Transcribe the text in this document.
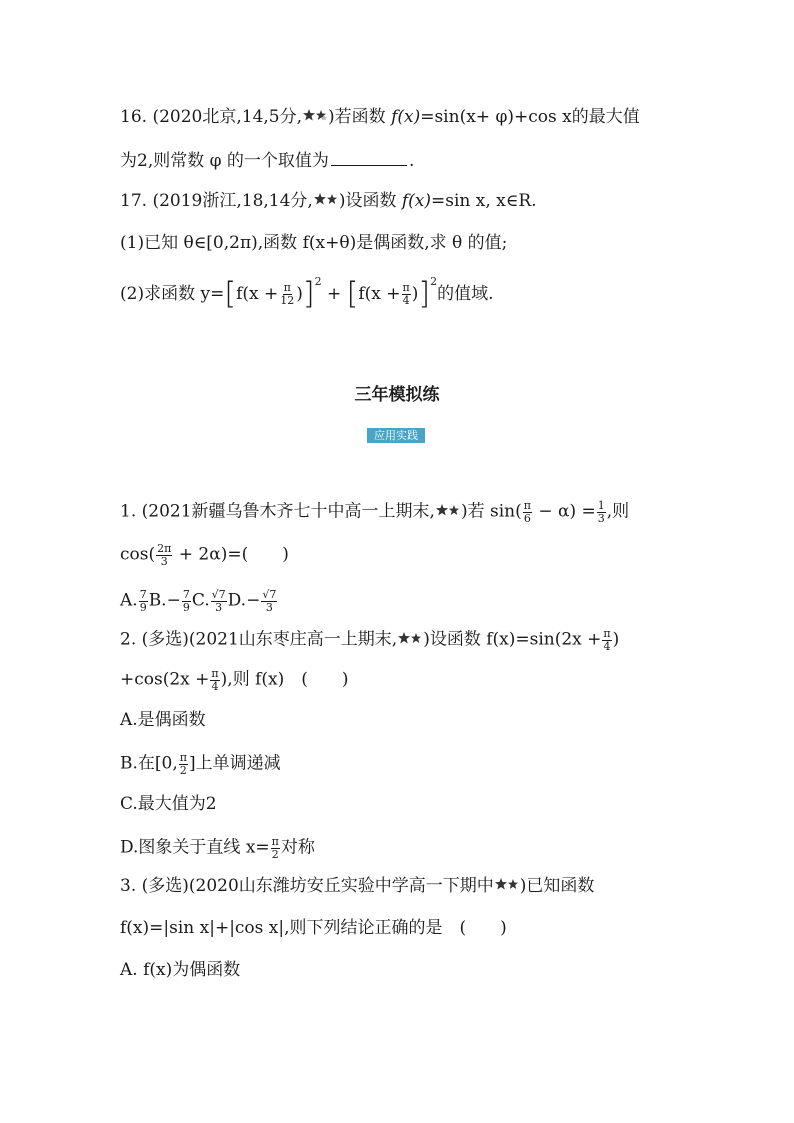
16. (2020北京,14,5分, )若函数 f(x)=sin(x+ φ)+cos x的最大值
为2,则常数 φ 的一个取值为	.
17. (2019浙江,18,14分, )设函数 f(x)=sin x, x∈R.
(1)已知 θ∈[0,2π),函数 f(x+θ)是偶函数,求 θ 的值;
(2)求函数 $y=[f(x + \frac{\pi}{12} )]^2 + [f(x + \frac{\pi}{4} )]^2$的值域.
三年模拟练
应用实践
1. (2021新疆乌鲁木齐七十中高一上期末, )若 $\sin( \frac{\pi}{6} - \alpha) = \frac{1}{3}$ ,则
$\cos( \frac{2\pi}{3} + 2\alpha)=$(　　)
A. $\frac{7}{9} B.- \frac{7}{9} C$. $\frac{√7}{3} D.- \frac{√7}{3}$
2. (多选)(2021山东枣庄高一上期末, )设函数 $f(x)=\sin(2x + \frac{\pi}{4}$ )
$+\cos(2x + \frac{\pi}{4}$ ),则 f(x)　(　　)
A.是偶函数
B.在[0, $\frac{\pi}{2}$ ]上单调递减
C.最大值为2
D.图象关于直线 $x= \frac{\pi}{2}$ 对称
3. (多选)(2020山东潍坊安丘实验中学高一下期中 )已知函数
f(x)=|sin x|+|cos x|,则下列结论正确的是　(　　)
A. f(x)为偶函数
